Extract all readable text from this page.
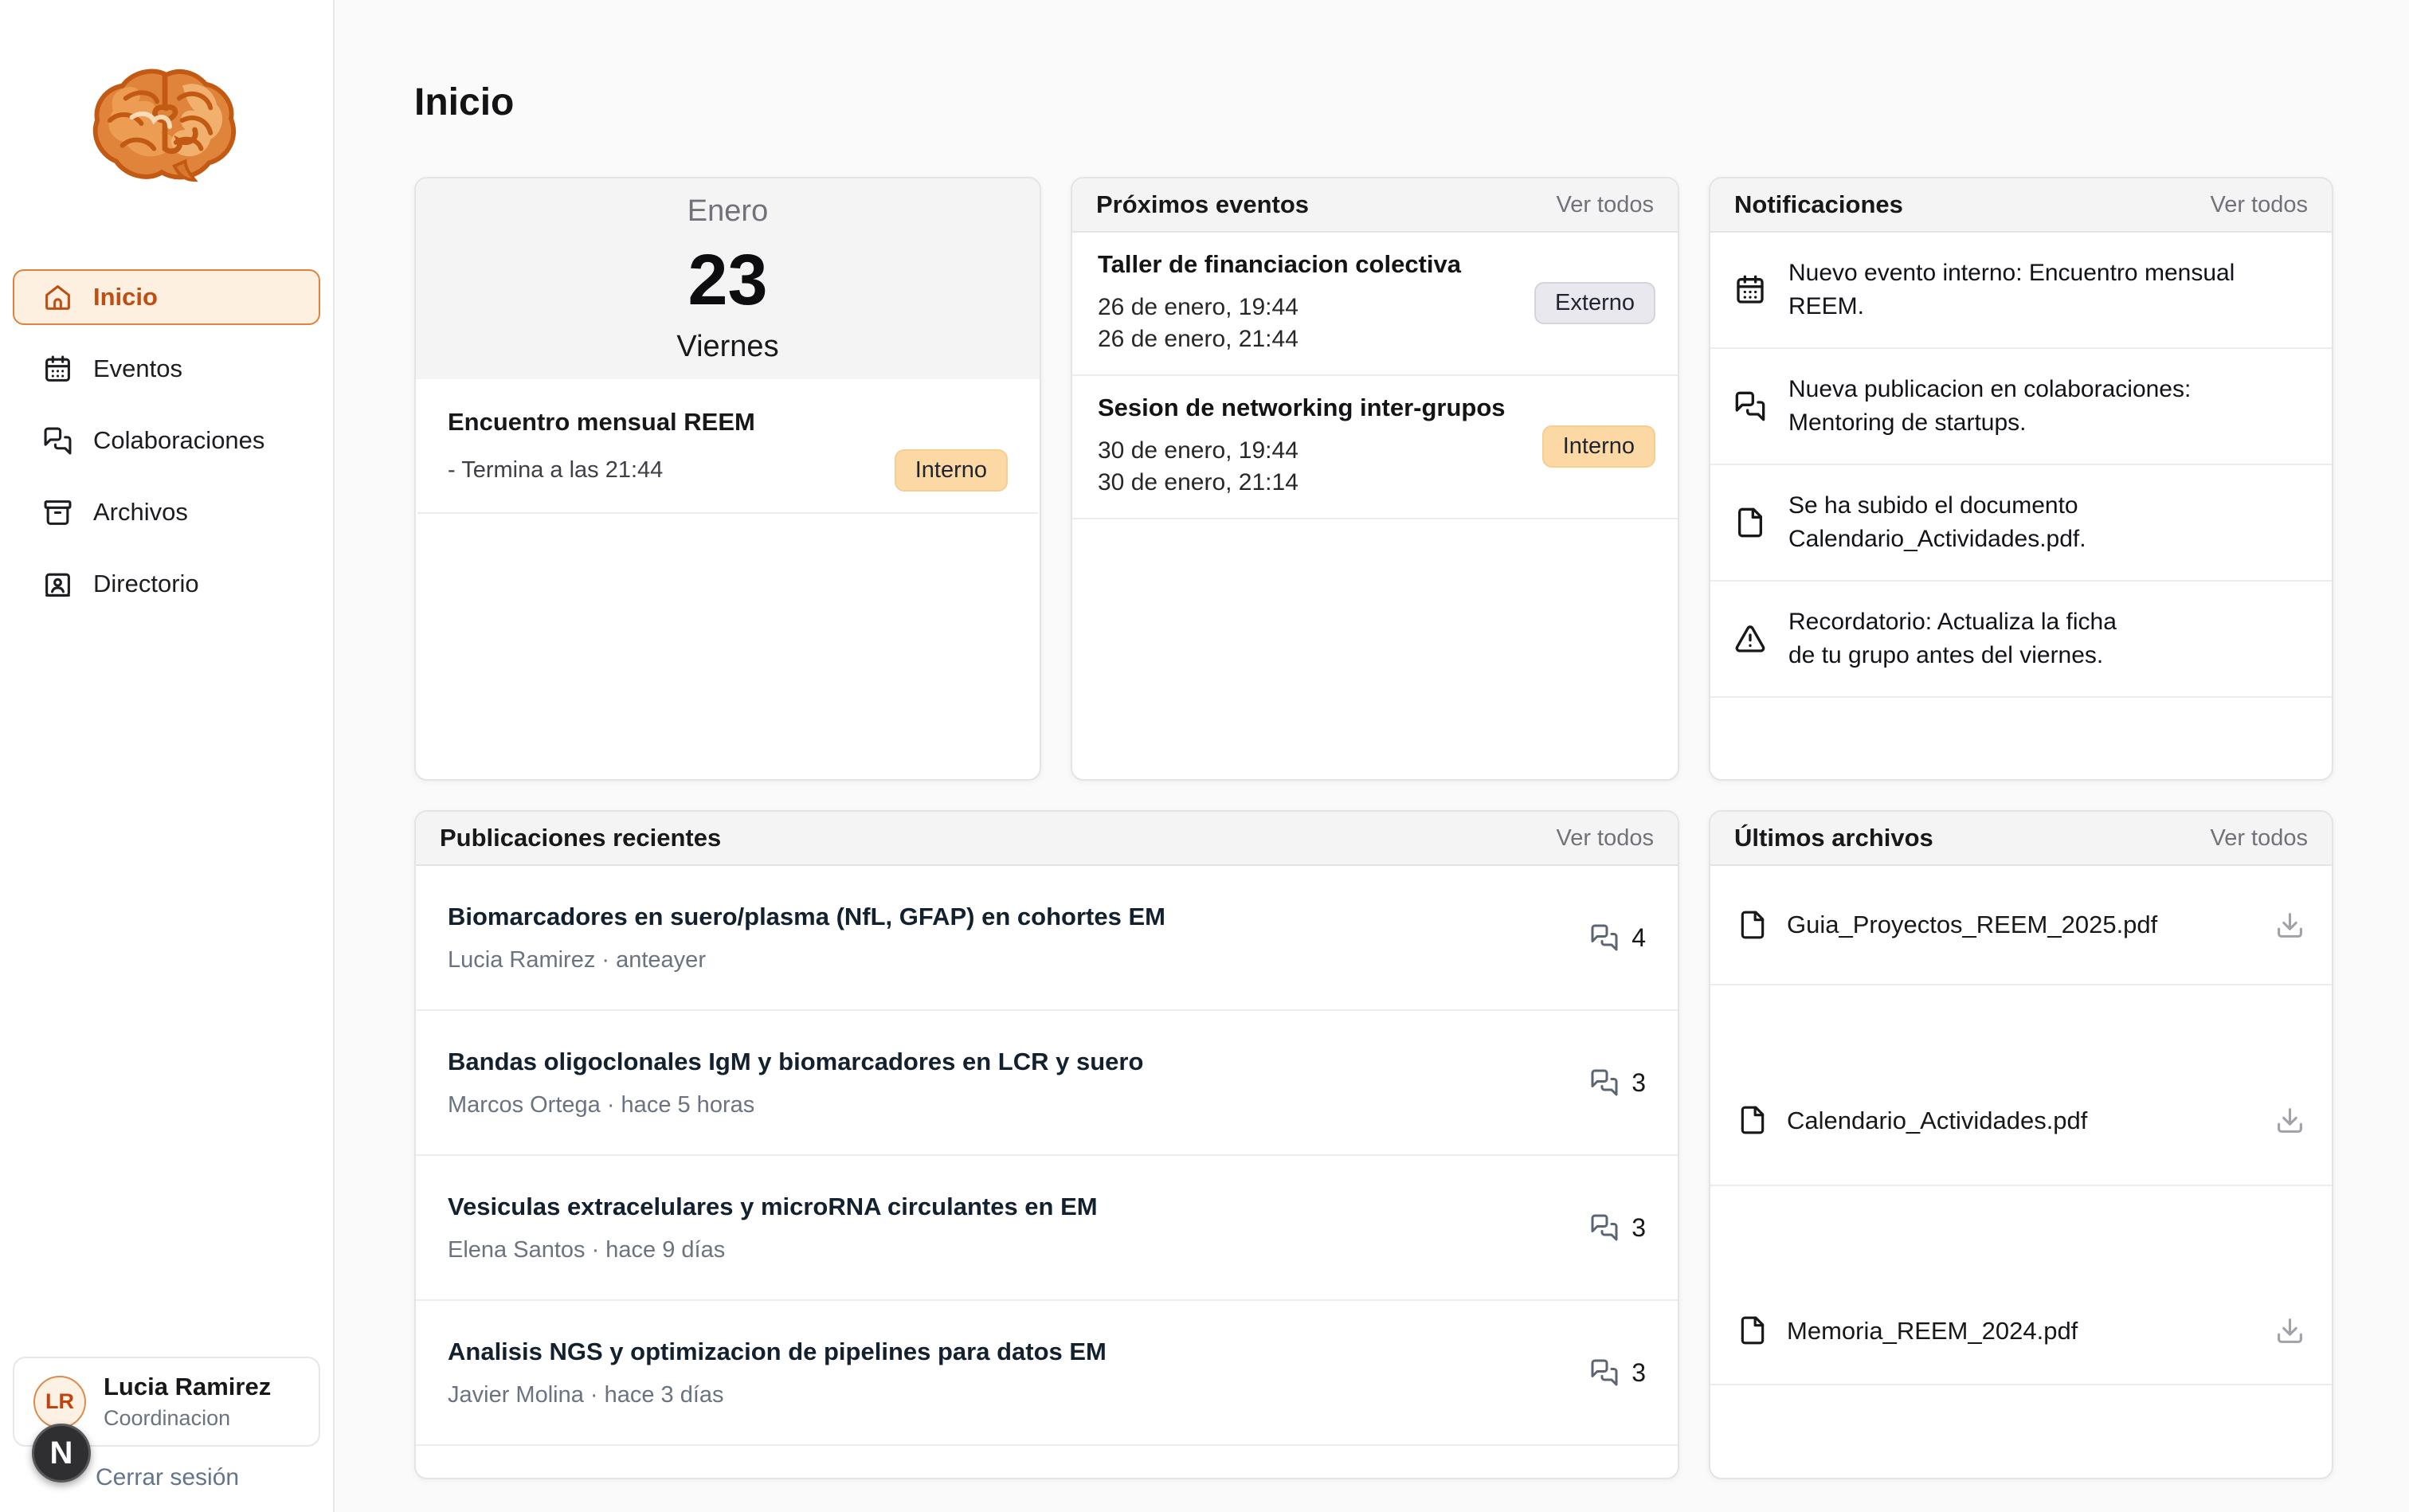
Inicio
Eventos
Colaboraciones
Archivos
Directorio
LR
Lucia Ramirez
Coordinacion
Cerrar sesión
N
Inicio
Enero
23
Viernes
Encuentro mensual REEM
- Termina a las 21:44	Interno
Próximos eventos	Ver todos
Taller de financiacion colectiva
26 de enero, 19:44
26 de enero, 21:44
Externo
Sesion de networking inter-grupos
30 de enero, 19:44
30 de enero, 21:14
Interno
Notificaciones	Ver todos
Nuevo evento interno: Encuentro mensual REEM.
Nueva publicacion en colaboraciones:
Mentoring de startups.
Se ha subido el documento
Calendario_Actividades.pdf.
Recordatorio: Actualiza la ficha
de tu grupo antes del viernes.
Publicaciones recientes	Ver todos
Biomarcadores en suero/plasma (NfL, GFAP) en cohortes EM
Lucia Ramirez · anteayer
4
Bandas oligoclonales IgM y biomarcadores en LCR y suero
Marcos Ortega · hace 5 horas
3
Vesiculas extracelulares y microRNA circulantes en EM
Elena Santos · hace 9 días
3
Analisis NGS y optimizacion de pipelines para datos EM
Javier Molina · hace 3 días
3
Últimos archivos	Ver todos
Guia_Proyectos_REEM_2025.pdf
Calendario_Actividades.pdf
Memoria_REEM_2024.pdf
